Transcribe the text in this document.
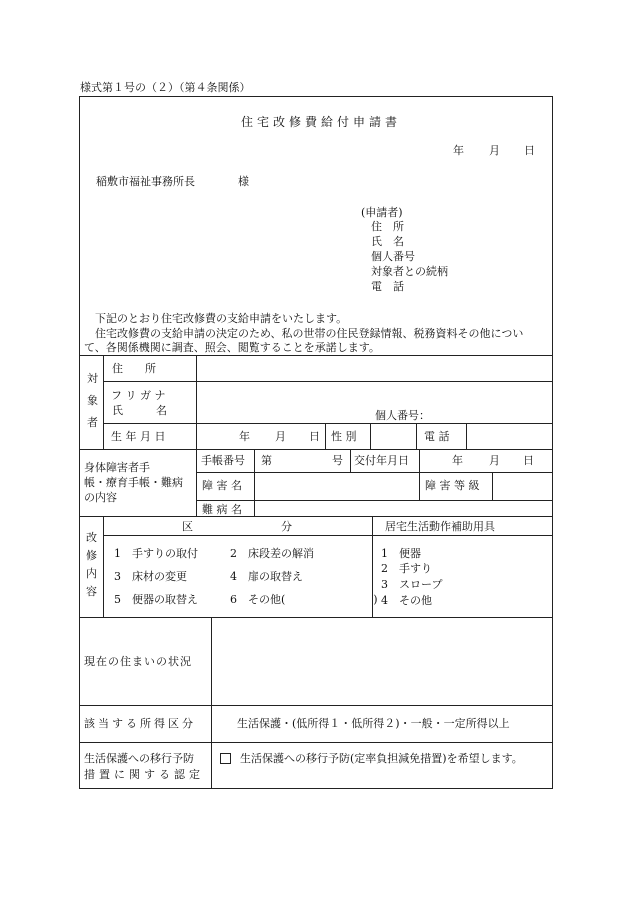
様式第１号の（２）（第４条関係）
住宅改修費給付申請書
年 月 日
稲敷市福祉事務所長	様
(申請者)
住　所
氏　名
個人番号
対象者との続柄
電　話
下記のとおり住宅改修費の支給申請をいたします。
住宅改修費の支給申請の決定のため、私の世帯の住民登録情報、税務資料その他につい
て、各関係機関に調査、照会、閲覧することを承諾します。
対
象
者
住　　所
フ リ ガ ナ
氏　　　名	個人番号：
生 年 月 日	年 月 日 性 別	電 話
身体障害者手
帳・療育手帳・難病
の内容
手帳番号 第	号 交付年月日	年 月 日
障 害 名	障 害 等 級
難 病 名
改
修
内
容
区　　　　　　　　分	居宅生活動作補助用具
1　手すりの取付	2　床段差の解消
3　床材の変更	4　扉の取替え
5　便器の取替え	6　その他(　　　　　　　　)
1　便器
2　手すり
3　スロープ
4　その他
現在の住まいの状況
該当する所得区分	生活保護・(低所得１・低所得２)・一般・一定所得以上
生活保護への移行予防
措置に関する認定
生活保護への移行予防(定率負担減免措置)を希望します。
